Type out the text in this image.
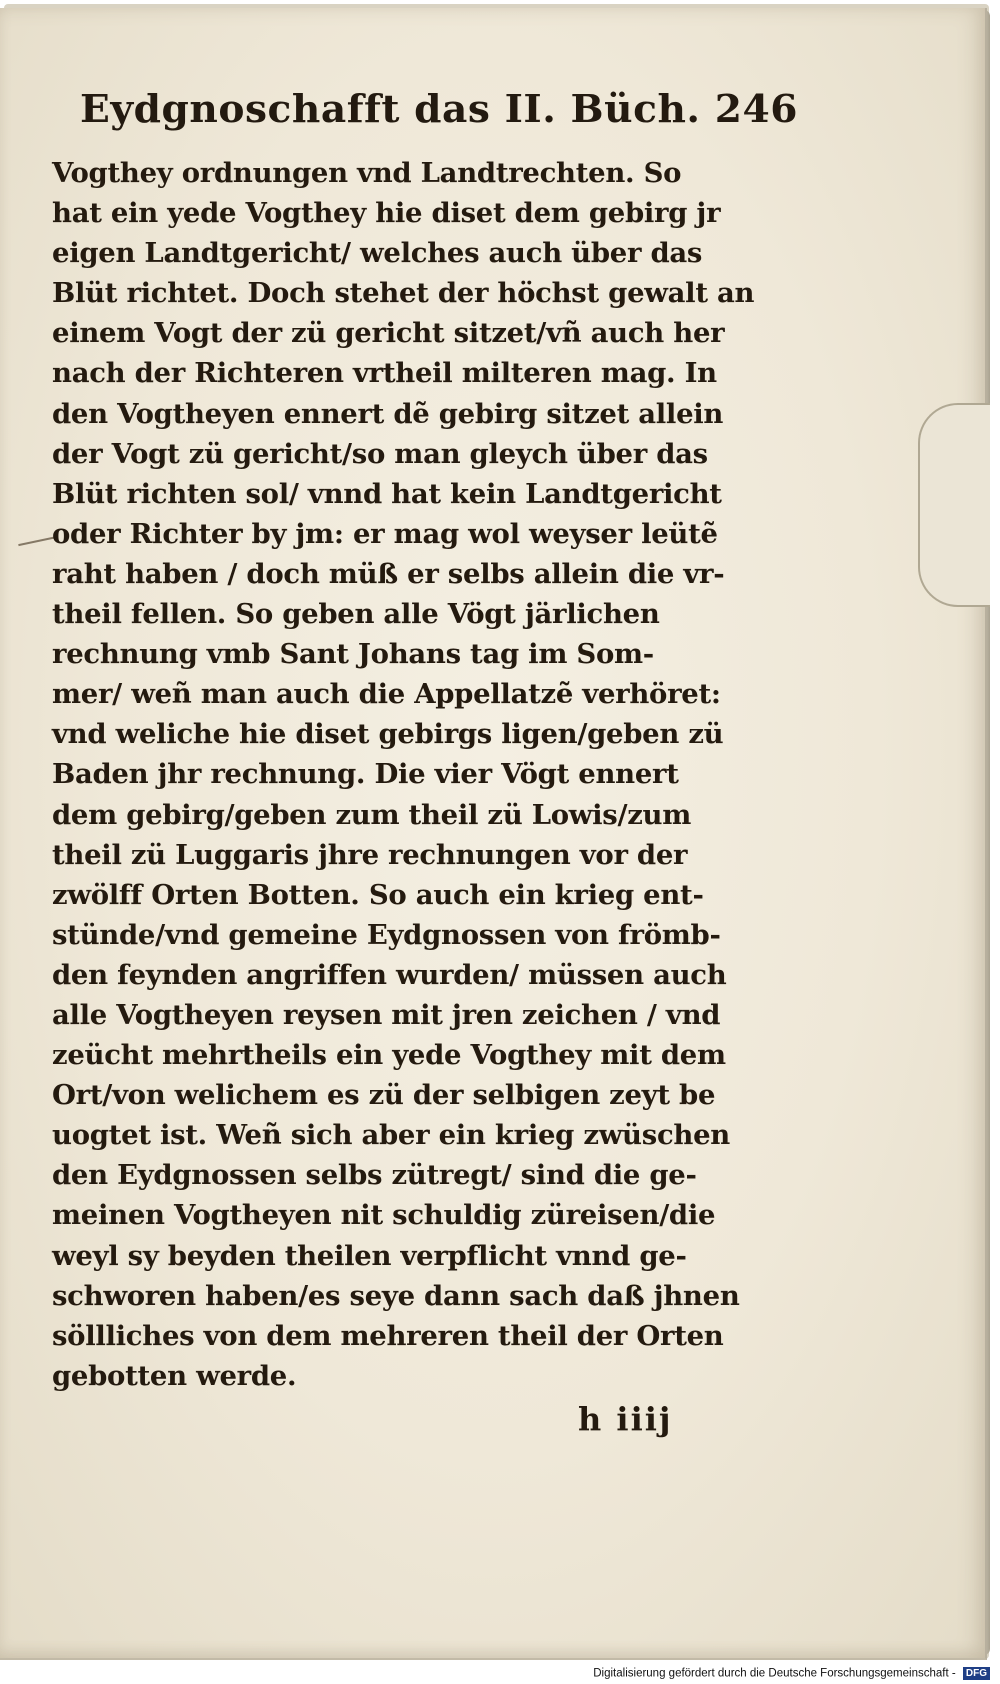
Eydgnoschafft das II. Büch. 246
Vogthey ordnungen vnd Landtrechten. So
hat ein yede Vogthey hie diset dem gebirg jr
eigen Landtgericht/ welches auch über das
Blüt richtet. Doch stehet der höchst gewalt an
einem Vogt der zü gericht sitzet/vñ auch her
nach der Richteren vrtheil milteren mag. In
den Vogtheyen ennert dẽ gebirg sitzet allein
der Vogt zü gericht/so man gleych über das
Blüt richten sol/ vnnd hat kein Landtgericht
oder Richter by jm: er mag wol weyser leütẽ
raht haben / doch müß er selbs allein die vr-
theil fellen. So geben alle Vögt järlichen
rechnung vmb Sant Johans tag im Som-
mer/ weñ man auch die Appellatzẽ verhöret:
vnd weliche hie diset gebirgs ligen/geben zü
Baden jhr rechnung. Die vier Vögt ennert
dem gebirg/geben zum theil zü Lowis/zum
theil zü Luggaris jhre rechnungen vor der
zwölff Orten Botten. So auch ein krieg ent-
stünde/vnd gemeine Eydgnossen von frömb-
den feynden angriffen wurden/ müssen auch
alle Vogtheyen reysen mit jren zeichen / vnd
zeücht mehrtheils ein yede Vogthey mit dem
Ort/von welichem es zü der selbigen zeyt be
uogtet ist. Weñ sich aber ein krieg zwüschen
den Eydgnossen selbs zütregt/ sind die ge-
meinen Vogtheyen nit schuldig züreisen/die
weyl sy beyden theilen verpflicht vnnd ge-
schworen haben/es seye dann sach daß jhnen
söllliches von dem mehreren theil der Orten
gebotten werde.
h iiij
Digitalisierung gefördert durch die Deutsche Forschungsgemeinschaft - DFG
